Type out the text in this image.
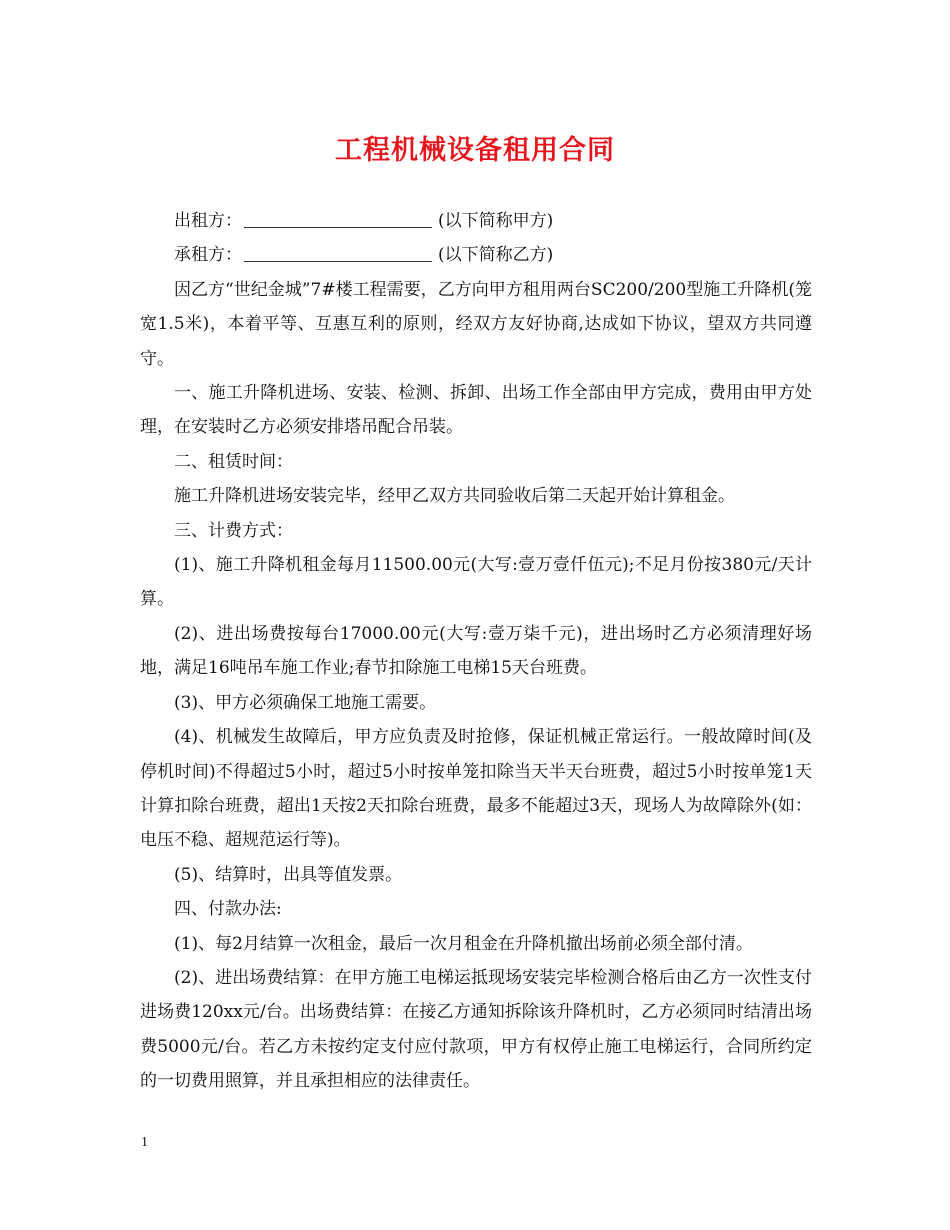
工程机械设备租用合同
出租方：	(以下简称甲方)
承租方：	(以下简称乙方)

因乙方“世纪金城”7#楼工程需要，乙方向甲方租用两台SC200/200型施工升降机(笼宽1.5米)，本着平等、互惠互利的原则，经双方友好协商,达成如下协议，望双方共同遵守。

一、施工升降机进场、安装、检测、拆卸、出场工作全部由甲方完成，费用由甲方处理，在安装时乙方必须安排塔吊配合吊装。

二、租赁时间：

施工升降机进场安装完毕，经甲乙双方共同验收后第二天起开始计算租金。

三、计费方式：

(1)、施工升降机租金每月11500.00元(大写:壹万壹仟伍元);不足月份按380元/天计算。

(2)、进出场费按每台17000.00元(大写:壹万柒千元)，进出场时乙方必须清理好场地，满足16吨吊车施工作业;春节扣除施工电梯15天台班费。

(3)、甲方必须确保工地施工需要。

(4)、机械发生故障后，甲方应负责及时抢修，保证机械正常运行。一般故障时间(及停机时间)不得超过5小时，超过5小时按单笼扣除当天半天台班费，超过5小时按单笼1天计算扣除台班费，超出1天按2天扣除台班费，最多不能超过3天，现场人为故障除外(如：电压不稳、超规范运行等)。

(5)、结算时，出具等值发票。

四、付款办法:

(1)、每2月结算一次租金，最后一次月租金在升降机撤出场前必须全部付清。

(2)、进出场费结算：在甲方施工电梯运抵现场安装完毕检测合格后由乙方一次性支付进场费120xx元/台。出场费结算：在接乙方通知拆除该升降机时，乙方必须同时结清出场费5000元/台。若乙方未按约定支付应付款项，甲方有权停止施工电梯运行，合同所约定的一切费用照算，并且承担相应的法律责任。

1
